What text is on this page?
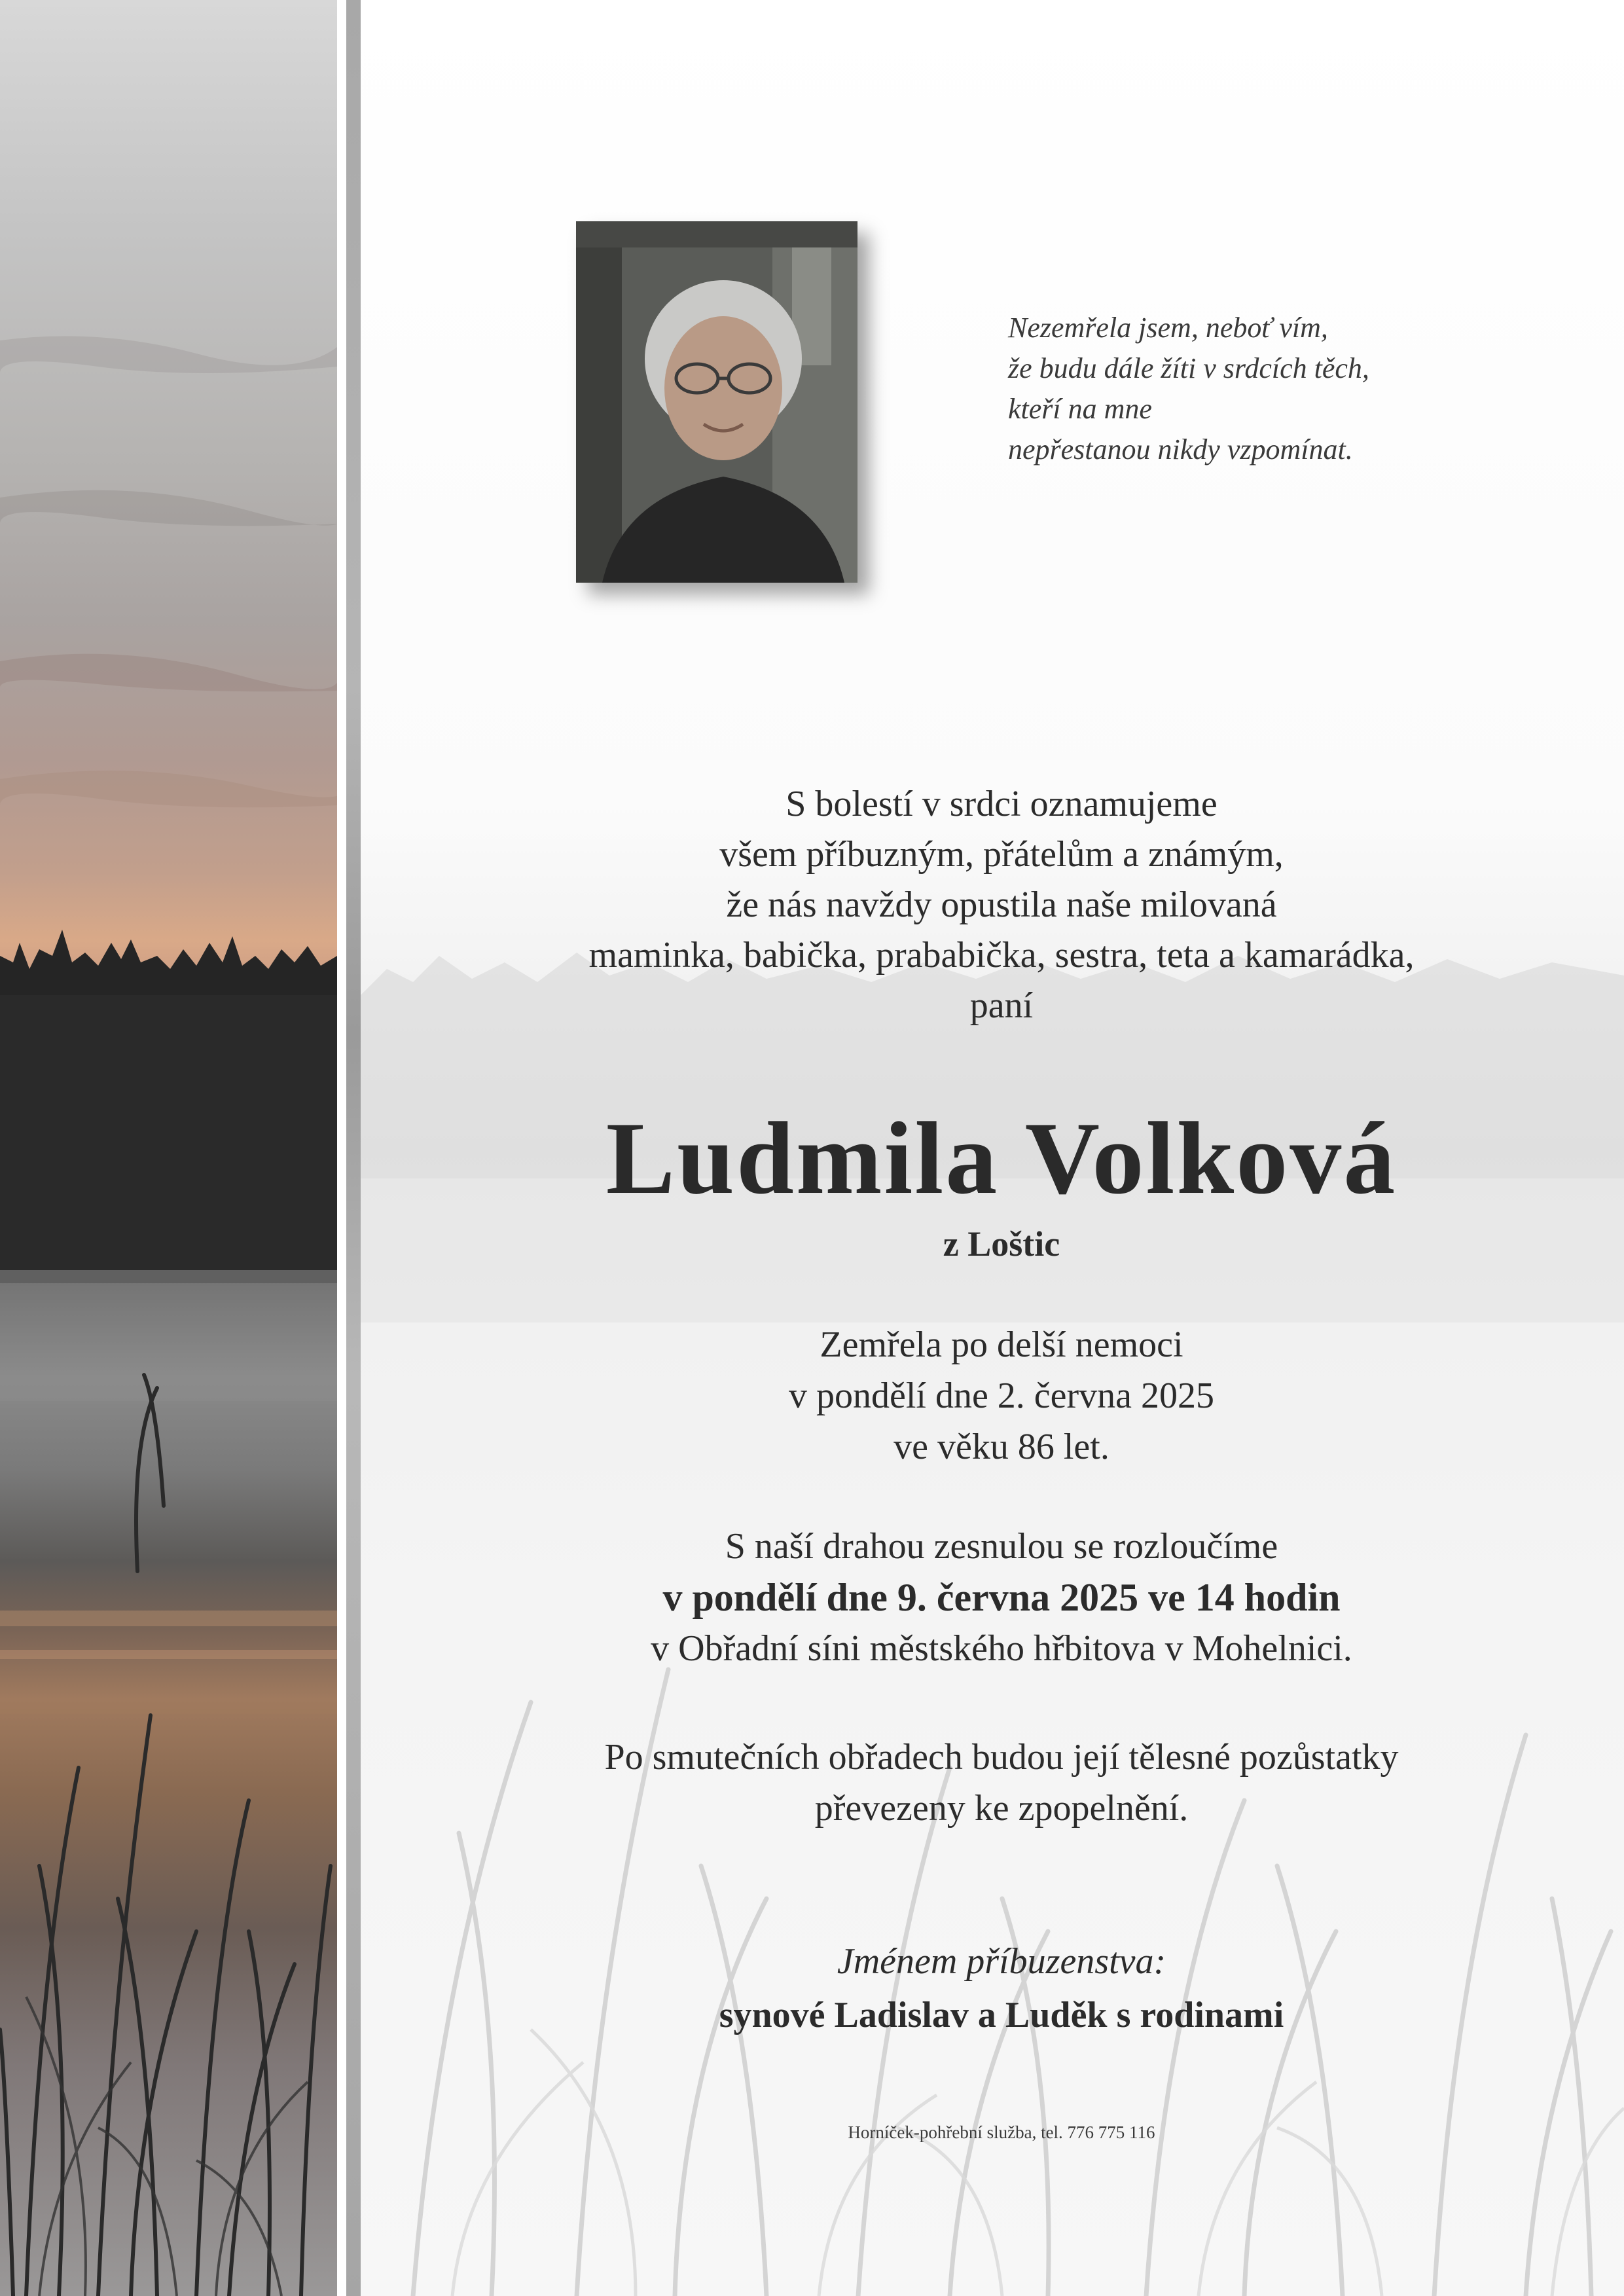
Nezemřela jsem, neboť vím,
že budu dále žíti v srdcích těch,
kteří na mne
nepřestanou nikdy vzpomínat.
S bolestí v srdci oznamujeme
všem příbuzným, přátelům a známým,
že nás navždy opustila naše milovaná
maminka, babička, prababička, sestra, teta a kamarádka,
paní
Ludmila Volková
z Loštic
Zemřela po delší nemoci
v pondělí dne 2. června 2025
ve věku 86 let.
S naší drahou zesnulou se rozloučíme
v pondělí dne 9. června 2025 ve 14 hodin
v Obřadní síni městského hřbitova v Mohelnici.
Po smutečních obřadech budou její tělesné pozůstatky
převezeny ke zpopelnění.
Jménem příbuzenstva:
synové Ladislav a Luděk s rodinami
Horníček-pohřební služba, tel. 776 775 116
